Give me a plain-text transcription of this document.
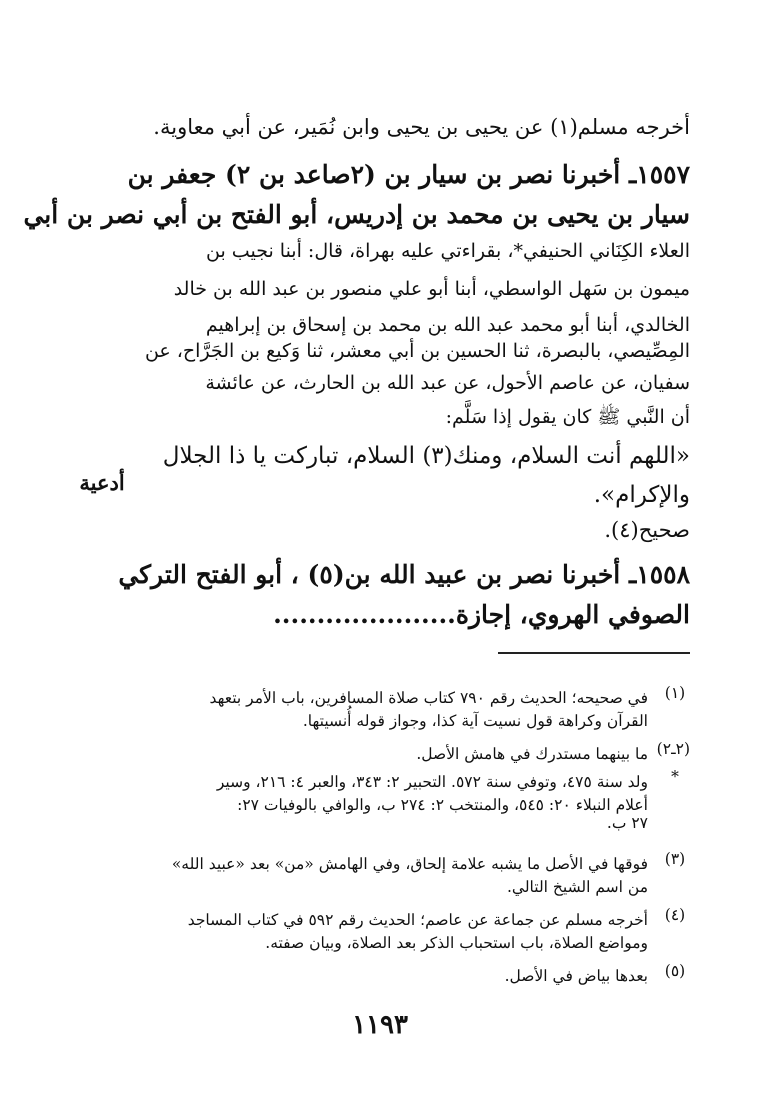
أخرجه مسلم(١) عن يحيى بن يحيى وابن نُمَير، عن أبي معاوية.
١٥٥٧ـ أخبرنا نصر بن سيار بن (٢صاعد بن ٢) جعفر بن
سيار بن يحيى بن محمد بن إدريس، أبو الفتح بن أبي نصر بن أبي
العلاء الكِنَاني الحنيفي*، بقراءتي عليه بهراة، قال: أبنا نجيب بن
ميمون بن سَهل الواسطي، أبنا أبو علي منصور بن عبد الله بن خالد
الخالدي، أبنا أبو محمد عبد الله بن محمد بن إسحاق بن إبراهيم
المِصِّيصي، بالبصرة، ثنا الحسين بن أبي معشر، ثنا وَكيع بن الجَرَّاح، عن
سفيان، عن عاصم الأحول، عن عبد الله بن الحارث، عن عائشة
أن النَّبي ﷺ كان يقول إذا سَلَّم:
«اللهم أنت السلام، ومنك(٣) السلام، تباركت يا ذا الجلال
والإكرام».
صحيح(٤).
١٥٥٨ـ أخبرنا نصر بن عبيد الله بن(٥) ، أبو الفتح التركي
الصوفي الهروي، إجازة.....................
أدعية
(١)
في صحيحه؛ الحديث رقم ٧٩٠ كتاب صلاة المسافرين، باب الأمر بتعهد
القرآن وكراهة قول نسيت آية كذا، وجواز قوله أُنسيتها.
(٢ـ٢)
ما بينهما مستدرك في هامش الأصل.
*
ولد سنة ٤٧٥، وتوفي سنة ٥٧٢. التحبير ٢: ٣٤٣، والعبر ٤: ٢١٦، وسير
أعلام النبلاء ٢٠: ٥٤٥، والمنتخب ٢: ٢٧٤ ب، والوافي بالوفيات ٢٧:
٢٧ ب.
(٣)
فوقها في الأصل ما يشبه علامة إلحاق، وفي الهامش «من» بعد «عبيد الله»
من اسم الشيخ التالي.
(٤)
أخرجه مسلم عن جماعة عن عاصم؛ الحديث رقم ٥٩٢ في كتاب المساجد
ومواضع الصلاة، باب استحباب الذكر بعد الصلاة، وبيان صفته.
(٥)
بعدها بياض في الأصل.
١١٩٣
